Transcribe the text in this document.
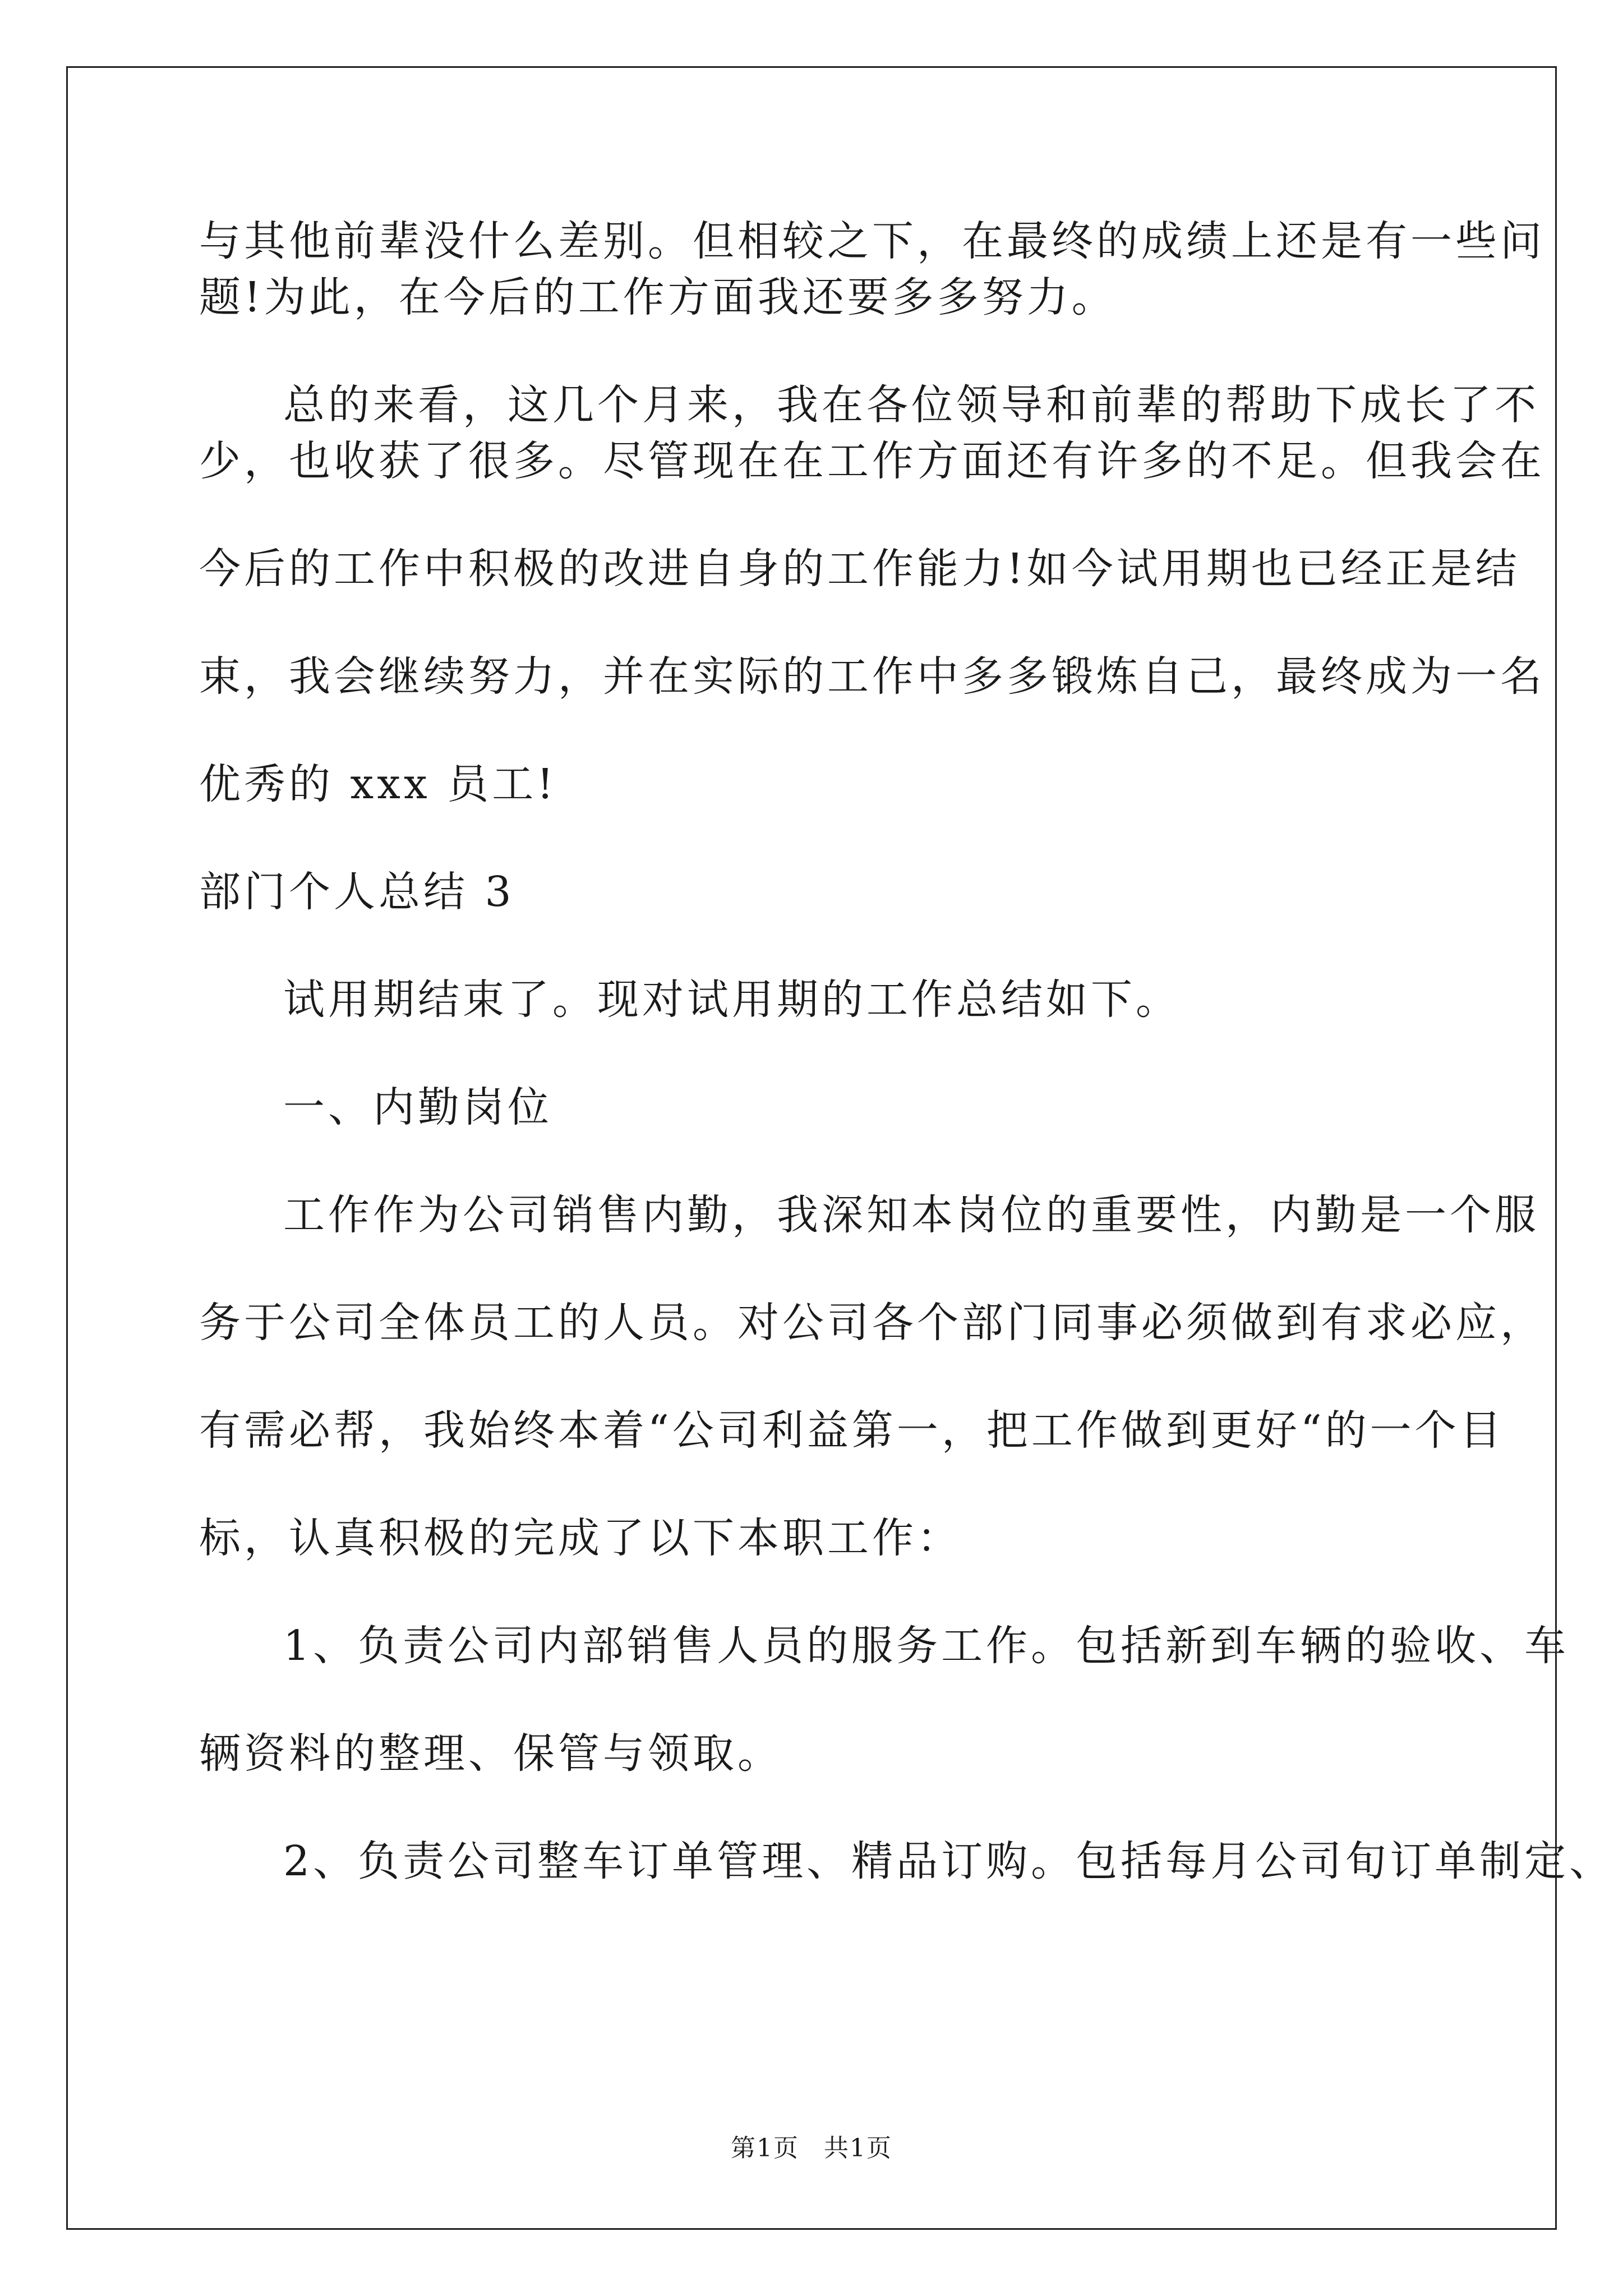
与其他前辈没什么差别。但相较之下，在最终的成绩上还是有一些问
题!为此，在今后的工作方面我还要多多努力。
总的来看，这几个月来，我在各位领导和前辈的帮助下成长了不
少，也收获了很多。尽管现在在工作方面还有许多的不足。但我会在
今后的工作中积极的改进自身的工作能力!如今试用期也已经正是结
束，我会继续努力，并在实际的工作中多多锻炼自己，最终成为一名
优秀的 xxx 员工!
部门个人总结 3
试用期结束了。现对试用期的工作总结如下。
一、内勤岗位
工作作为公司销售内勤，我深知本岗位的重要性，内勤是一个服
务于公司全体员工的人员。对公司各个部门同事必须做到有求必应，
有需必帮，我始终本着“公司利益第一，把工作做到更好“的一个目
标，认真积极的完成了以下本职工作：
1、负责公司内部销售人员的服务工作。包括新到车辆的验收、车
辆资料的整理、保管与领取。
2、负责公司整车订单管理、精品订购。包括每月公司旬订单制定、
第1页 共1页
